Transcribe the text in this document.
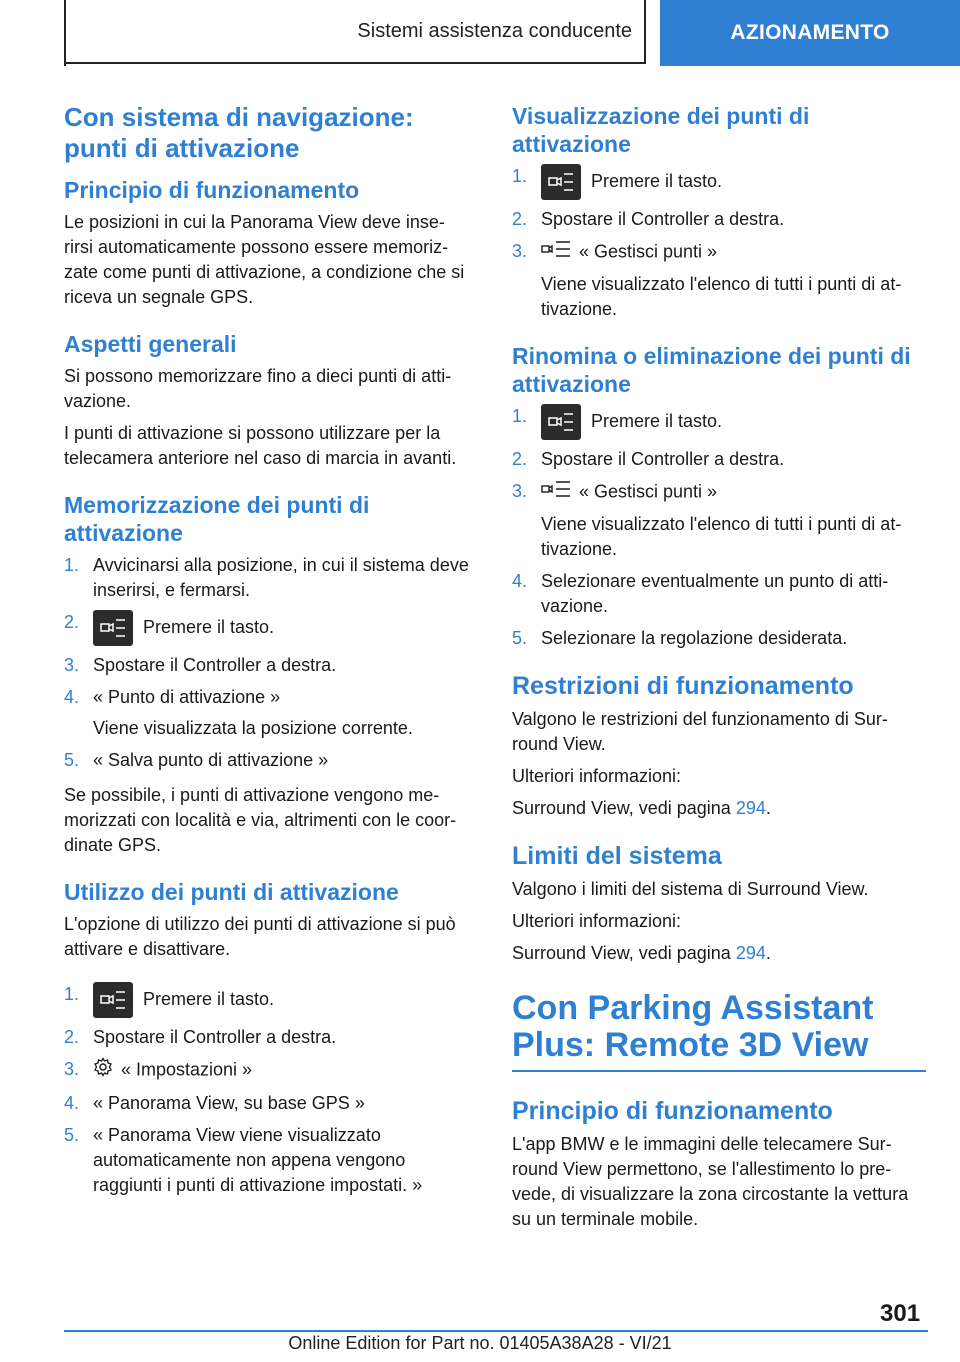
Sistemi assistenza conducente	AZIONAMENTO
Con sistema di navigazione: punti di attivazione
Principio di funzionamento

Le posizioni in cui la Panorama View deve inse‐ rirsi automaticamente possono essere memoriz‐ zate come punti di attivazione, a condizione che si riceva un segnale GPS.

Aspetti generali

Si possono memorizzare fino a dieci punti di atti‐ vazione.

I punti di attivazione si possono utilizzare per la telecamera anteriore nel caso di marcia in avanti.

Memorizzazione dei punti di attivazione
1. Avvicinarsi alla posizione, in cui il sistema deve inserirsi, e fermarsi.
2.	Premere il tasto.
3. Spostare il Controller a destra.
4. « Punto di attivazione »
Viene visualizzata la posizione corrente.
5. « Salva punto di attivazione »

Se possibile, i punti di attivazione vengono me‐ morizzati con località e via, altrimenti con le coor‐ dinate GPS.

Utilizzo dei punti di attivazione

L'opzione di utilizzo dei punti di attivazione si può attivare e disattivare.

1.	Premere il tasto.
2. Spostare il Controller a destra.
3. « Impostazioni »
4. « Panorama View, su base GPS »
5. « Panorama View viene visualizzato automaticamente non appena vengono raggiunti i punti di attivazione impostati. »
Visualizzazione dei punti di attivazione
1.	Premere il tasto.
2. Spostare il Controller a destra.
3.	« Gestisci punti »
Viene visualizzato l'elenco di tutti i punti di at‐ tivazione.
Rinomina o eliminazione dei punti di attivazione
1.	Premere il tasto.
2. Spostare il Controller a destra.
3.	« Gestisci punti »
Viene visualizzato l'elenco di tutti i punti di at‐ tivazione.
4. Selezionare eventualmente un punto di atti‐ vazione.
5. Selezionare la regolazione desiderata.
Restrizioni di funzionamento

Valgono le restrizioni del funzionamento di Sur‐ round View.

Ulteriori informazioni:

Surround View, vedi pagina 294.

Limiti del sistema

Valgono i limiti del sistema di Surround View.

Ulteriori informazioni:

Surround View, vedi pagina 294.

Con Parking Assistant Plus: Remote 3D View
Principio di funzionamento

L'app BMW e le immagini delle telecamere Sur‐ round View permettono, se l'allestimento lo pre‐ vede, di visualizzare la zona circostante la vettura su un terminale mobile.

301
Online Edition for Part no. 01405A38A28 - VI/21
